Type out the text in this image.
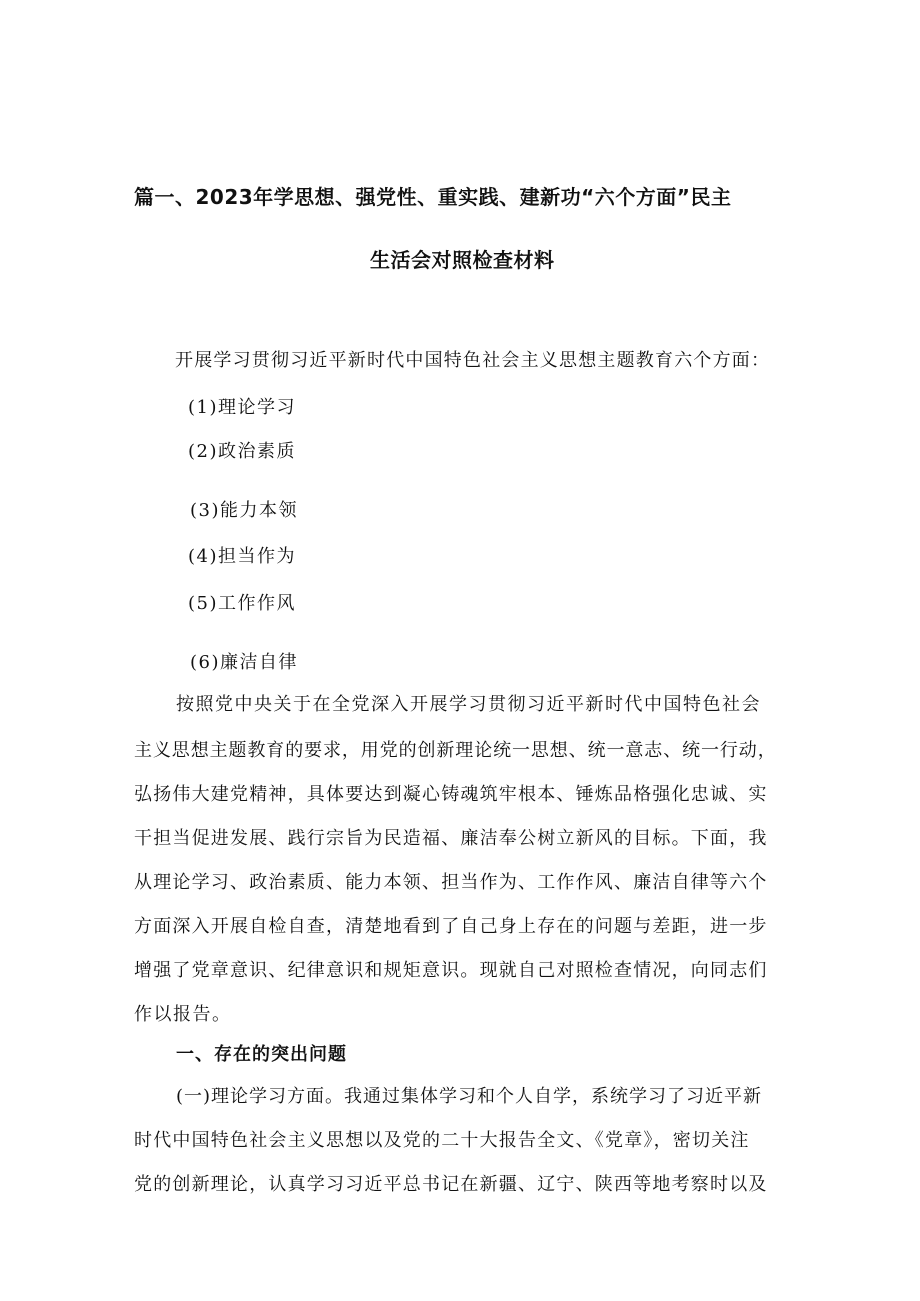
篇一、2023年学思想、强党性、重实践、建新功“六个方面”民主
生活会对照检查材料
开展学习贯彻习近平新时代中国特色社会主义思想主题教育六个方面：
(1)理论学习
(2)政治素质
(3)能力本领
(4)担当作为
(5)工作作风
(6)廉洁自律
按照党中央关于在全党深入开展学习贯彻习近平新时代中国特色社会
主义思想主题教育的要求，用党的创新理论统一思想、统一意志、统一行动，
弘扬伟大建党精神，具体要达到凝心铸魂筑牢根本、锤炼品格强化忠诚、实
干担当促进发展、践行宗旨为民造福、廉洁奉公树立新风的目标。下面，我
从理论学习、政治素质、能力本领、担当作为、工作作风、廉洁自律等六个
方面深入开展自检自查，清楚地看到了自己身上存在的问题与差距，进一步
增强了党章意识、纪律意识和规矩意识。现就自己对照检查情况，向同志们
作以报告。
一、存在的突出问题
(一)理论学习方面。我通过集体学习和个人自学，系统学习了习近平新
时代中国特色社会主义思想以及党的二十大报告全文、《党章》，密切关注
党的创新理论，认真学习习近平总书记在新疆、辽宁、陕西等地考察时以及
